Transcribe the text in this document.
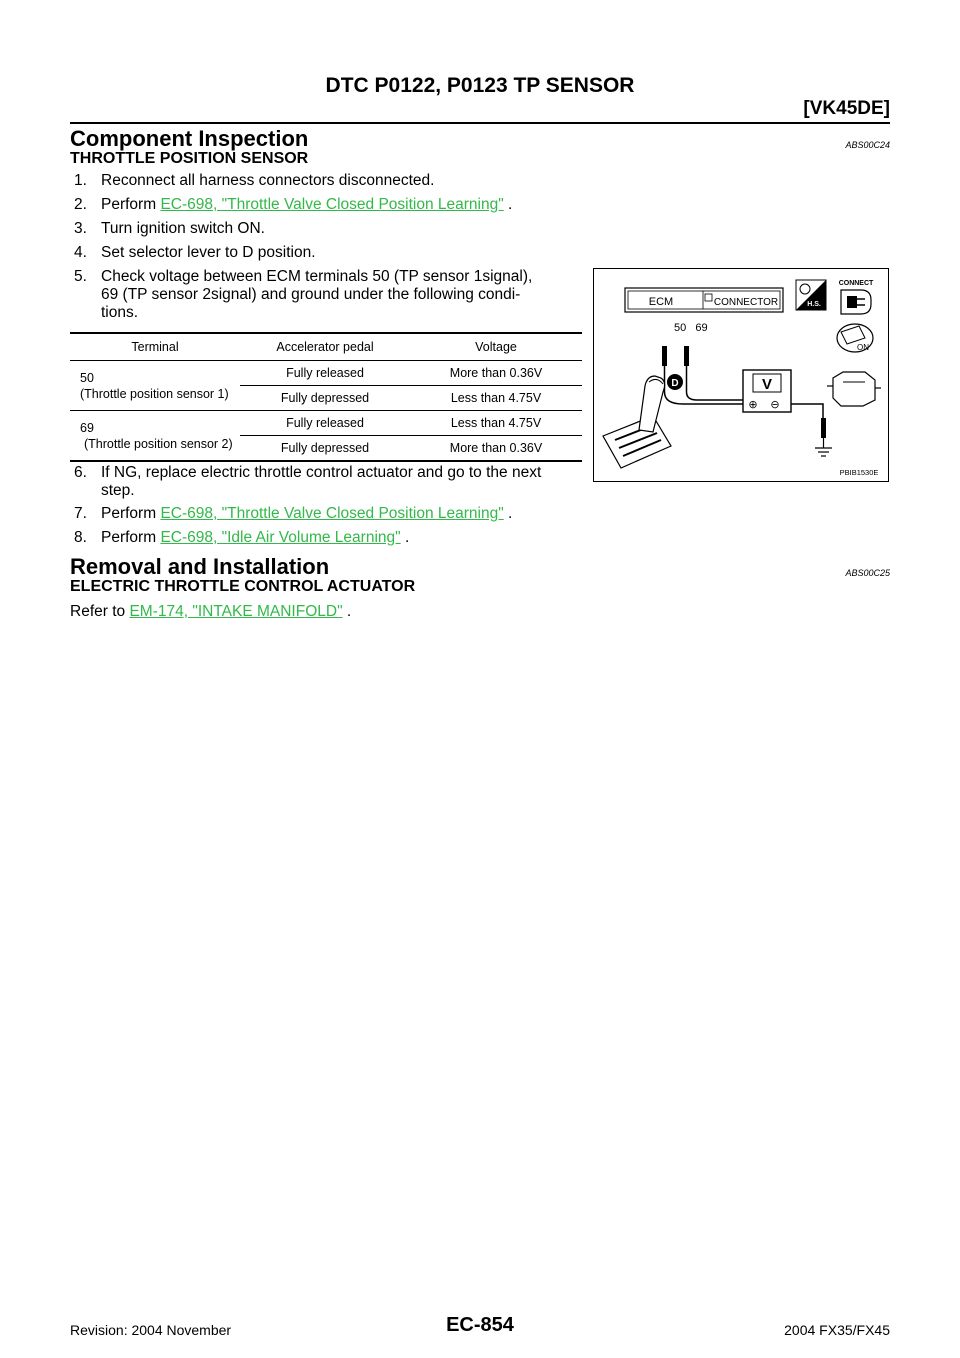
DTC P0122, P0123 TP SENSOR
[VK45DE]
Component Inspection	ABS00C24
THROTTLE POSITION SENSOR
1. Reconnect all harness connectors disconnected.
2. Perform EC-698, "Throttle Valve Closed Position Learning" .
3. Turn ignition switch ON.
4. Set selector lever to D position.
5. Check voltage between ECM terminals 50 (TP sensor 1signal),
69 (TP sensor 2signal) and ground under the following condi-
tions.
Terminal	Accelerator pedal	Voltage

50
(Throttle position sensor 1)	Fully released	More than 0.36V
	Fully depressed	Less than 4.75V

69
(Throttle position sensor 2)	Fully released	Less than 4.75V
	Fully depressed	More than 0.36V
6. If NG, replace electric throttle control actuator and go to the next
step.
7. Perform EC-698, "Throttle Valve Closed Position Learning" .
8. Perform EC-698, "Idle Air Volume Learning" .
ECM	CONNECTOR
50   69
V
⊕ ⊖
D
H.S.
CONNECT
ON
PBIB1530E
Removal and Installation	ABS00C25
ELECTRIC THROTTLE CONTROL ACTUATOR
Refer to EM-174, "INTAKE MANIFOLD" .
Revision: 2004 November	EC-854	2004 FX35/FX45
